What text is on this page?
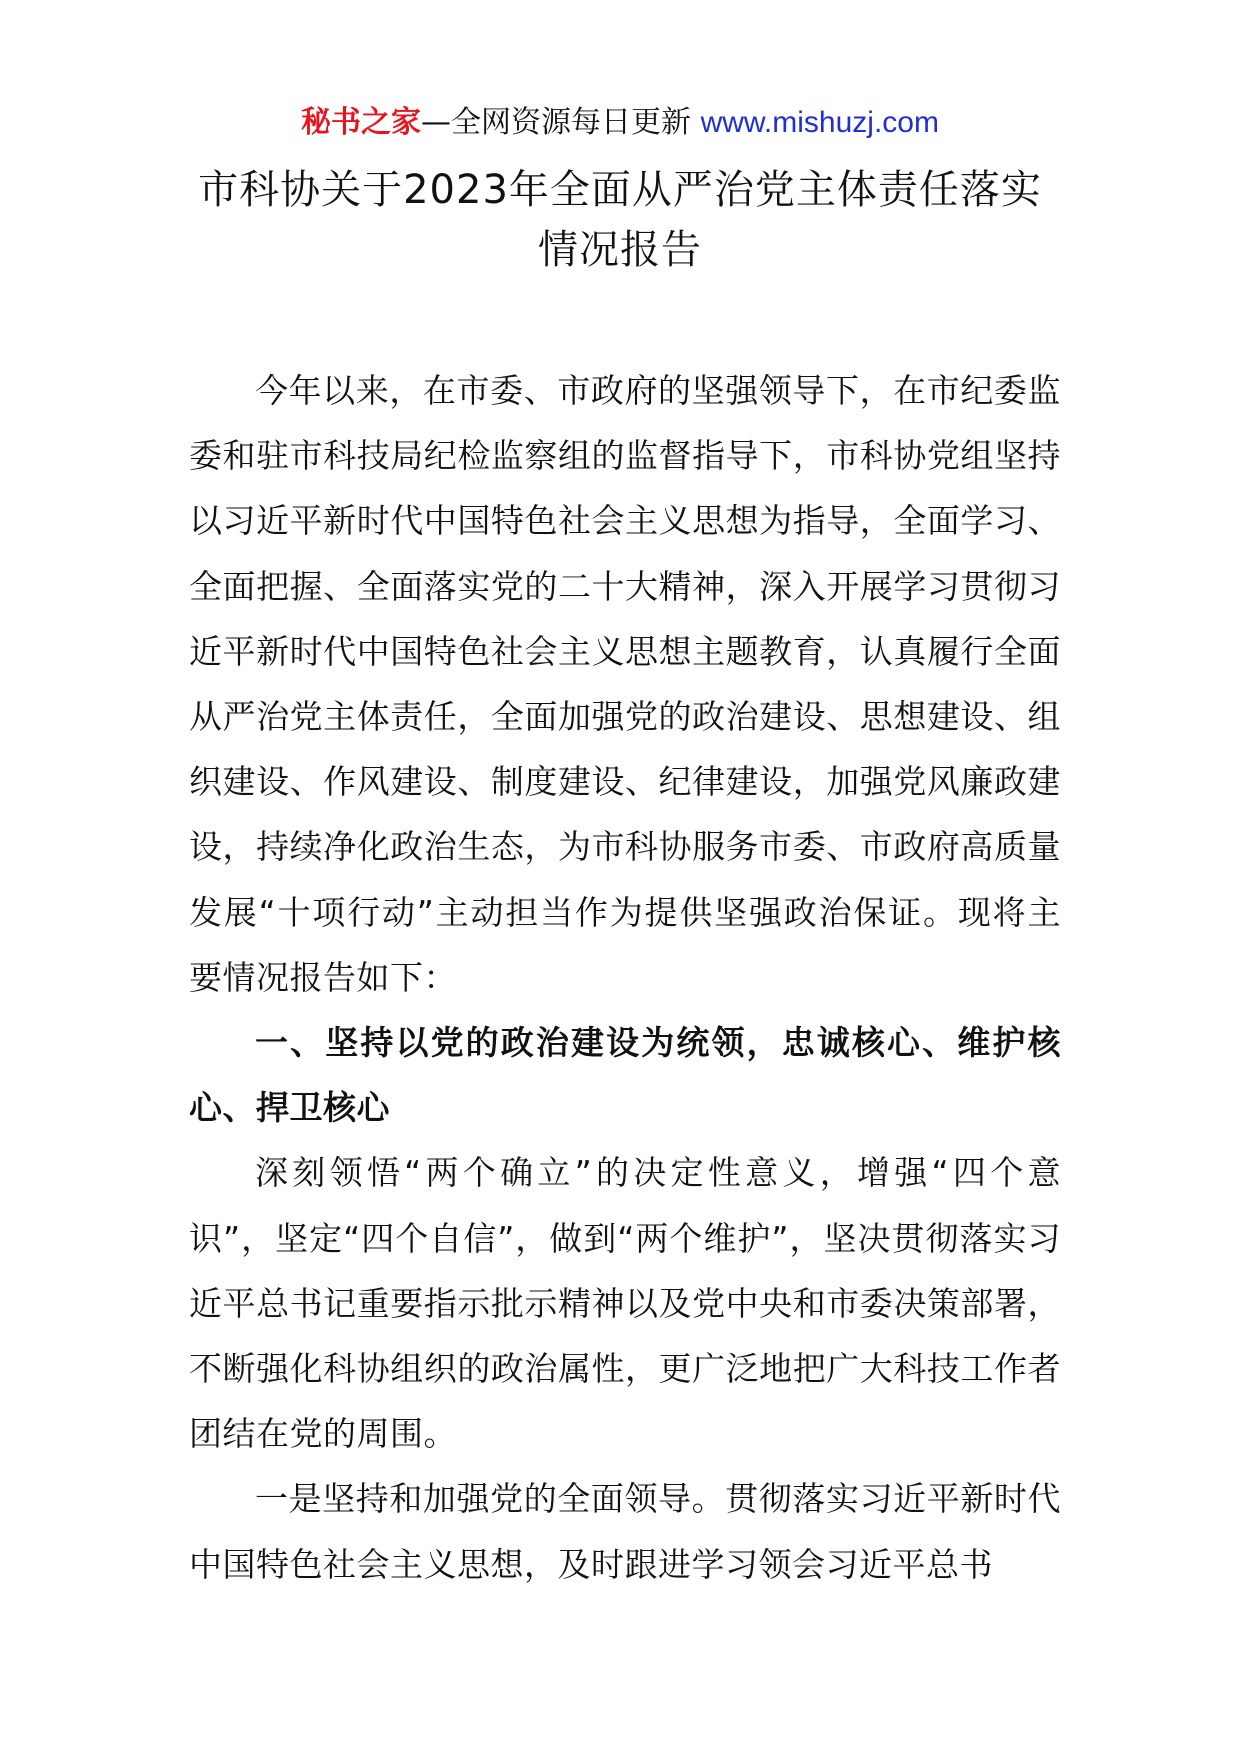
秘书之家—全网资源每日更新 www.mishuzj.com
市科协关于2023年全面从严治党主体责任落实
情况报告

今年以来，在市委、市政府的坚强领导下，在市纪委监委和驻市科技局纪检监察组的监督指导下，市科协党组坚持以习近平新时代中国特色社会主义思想为指导，全面学习、全面把握、全面落实党的二十大精神，深入开展学习贯彻习近平新时代中国特色社会主义思想主题教育，认真履行全面从严治党主体责任，全面加强党的政治建设、思想建设、组织建设、作风建设、制度建设、纪律建设，加强党风廉政建设，持续净化政治生态，为市科协服务市委、市政府高质量发展“十项行动”主动担当作为提供坚强政治保证。现将主要情况报告如下：

一、坚持以党的政治建设为统领，忠诚核心、维护核心、捍卫核心

深刻领悟“两个确立”的决定性意义，增强“四个意识”，坚定“四个自信”，做到“两个维护”，坚决贯彻落实习近平总书记重要指示批示精神以及党中央和市委决策部署，不断强化科协组织的政治属性，更广泛地把广大科技工作者团结在党的周围。

一是坚持和加强党的全面领导。贯彻落实习近平新时代中国特色社会主义思想，及时跟进学习领会习近平总书
